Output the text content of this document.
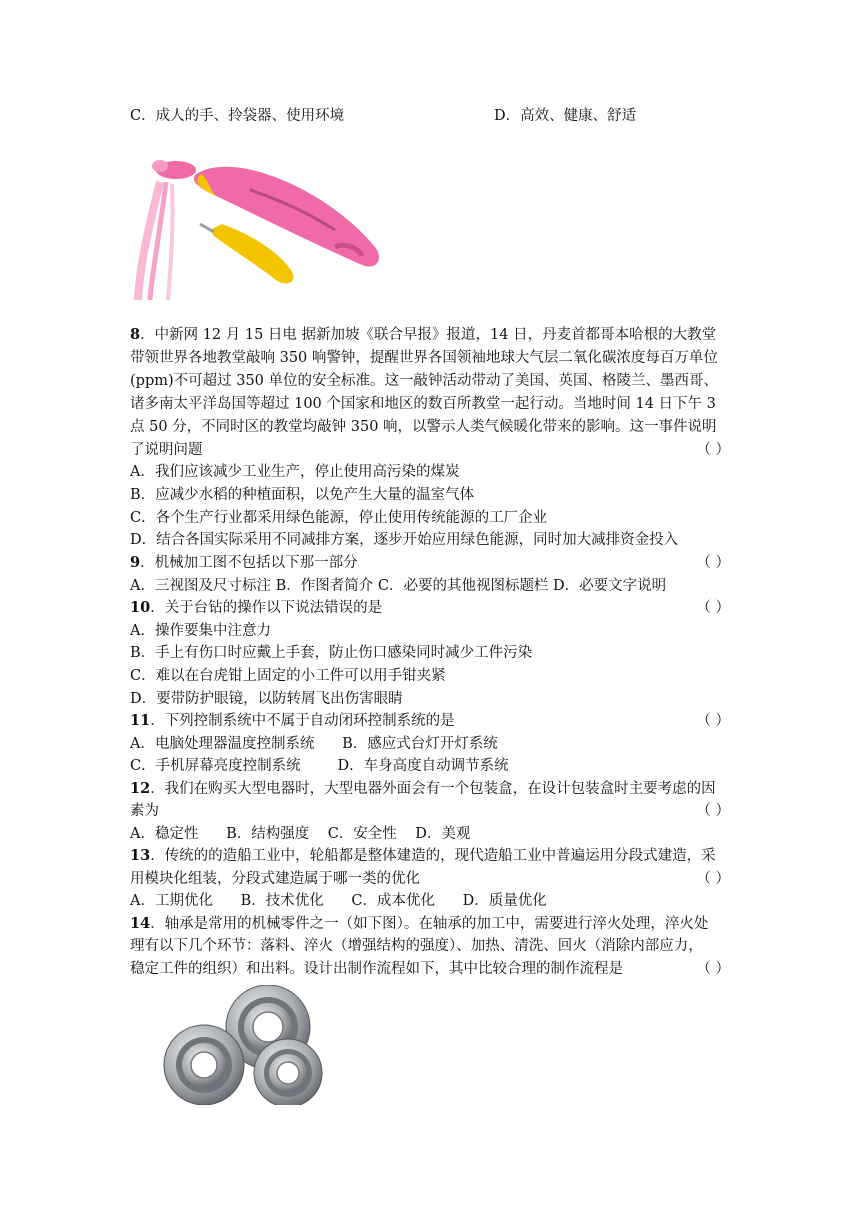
C．成人的手、拎袋器、使用环境	D．高效、健康、舒适
8．中新网 12 月 15 日电 据新加坡《联合早报》报道，14 日，丹麦首都哥本哈根的大教堂
带领世界各地教堂敲响 350 响警钟，提醒世界各国领袖地球大气层二氧化碳浓度每百万单位
(ppm)不可超过 350 单位的安全标准。这一敲钟活动带动了美国、英国、格陵兰、墨西哥、
诸多南太平洋岛国等超过 100 个国家和地区的数百所教堂一起行动。当地时间 14 日下午 3
点 50 分，不同时区的教堂均敲钟 350 响，以警示人类气候暖化带来的影响。这一事件说明
了说明问题	（ ）
A．我们应该减少工业生产，停止使用高污染的煤炭
B．应减少水稻的种植面积，以免产生大量的温室气体
C．各个生产行业都采用绿色能源，停止使用传统能源的工厂企业
D．结合各国实际采用不同减排方案，逐步开始应用绿色能源，同时加大减排资金投入
9．机械加工图不包括以下那一部分	（ ）
A．三视图及尺寸标注 B．作图者简介 C．必要的其他视图标题栏 D．必要文字说明
10．关于台钻的操作以下说法错误的是	（ ）
A．操作要集中注意力
B．手上有伤口时应戴上手套，防止伤口感染同时减少工件污染
C．难以在台虎钳上固定的小工件可以用手钳夹紧
D．要带防护眼镜，以防转屑飞出伤害眼睛
11．下列控制系统中不属于自动闭环控制系统的是	（ ）
A．电脑处理器温度控制系统      B．感应式台灯开灯系统
C．手机屏幕亮度控制系统        D．车身高度自动调节系统
12．我们在购买大型电器时，大型电器外面会有一个包装盒，在设计包装盒时主要考虑的因
素为	（ ）
A．稳定性      B．结构强度    C．安全性    D．美观
13．传统的的造船工业中，轮船都是整体建造的，现代造船工业中普遍运用分段式建造，采
用模块化组装，分段式建造属于哪一类的优化	（ ）
A．工期优化      B．技术优化      C．成本优化      D．质量优化
14．轴承是常用的机械零件之一（如下图）。在轴承的加工中，需要进行淬火处理，淬火处
理有以下几个环节：落料、淬火（增强结构的强度）、加热、清洗、回火（消除内部应力，
稳定工件的组织）和出料。设计出制作流程如下，其中比较合理的制作流程是	（ ）
